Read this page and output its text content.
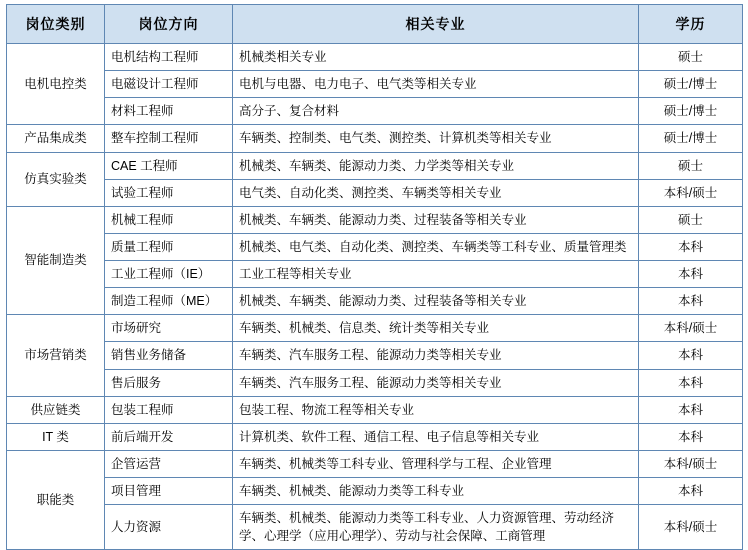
岗位类别	岗位方向	相关专业	学历
电机电控类	电机结构工程师	机械类相关专业	硕士
	电磁设计工程师	电机与电器、电力电子、电气类等相关专业	硕士/博士
	材料工程师	高分子、复合材料	硕士/博士
产品集成类	整车控制工程师	车辆类、控制类、电气类、测控类、计算机类等相关专业	硕士/博士
仿真实验类	CAE 工程师	机械类、车辆类、能源动力类、力学类等相关专业	硕士
	试验工程师	电气类、自动化类、测控类、车辆类等相关专业	本科/硕士
智能制造类	机械工程师	机械类、车辆类、能源动力类、过程装备等相关专业	硕士
	质量工程师	机械类、电气类、自动化类、测控类、车辆类等工科专业、质量管理类	本科
	工业工程师（IE）	工业工程等相关专业	本科
	制造工程师（ME）	机械类、车辆类、能源动力类、过程装备等相关专业	本科
市场营销类	市场研究	车辆类、机械类、信息类、统计类等相关专业	本科/硕士
	销售业务储备	车辆类、汽车服务工程、能源动力类等相关专业	本科
	售后服务	车辆类、汽车服务工程、能源动力类等相关专业	本科
供应链类	包装工程师	包装工程、物流工程等相关专业	本科
IT 类	前后端开发	计算机类、软件工程、通信工程、电子信息等相关专业	本科
职能类	企管运营	车辆类、机械类等工科专业、管理科学与工程、企业管理	本科/硕士
	项目管理	车辆类、机械类、能源动力类等工科专业	本科
	人力资源	车辆类、机械类、能源动力类等工科专业、人力资源管理、劳动经济学、心理学（应用心理学）、劳动与社会保障、工商管理	本科/硕士
